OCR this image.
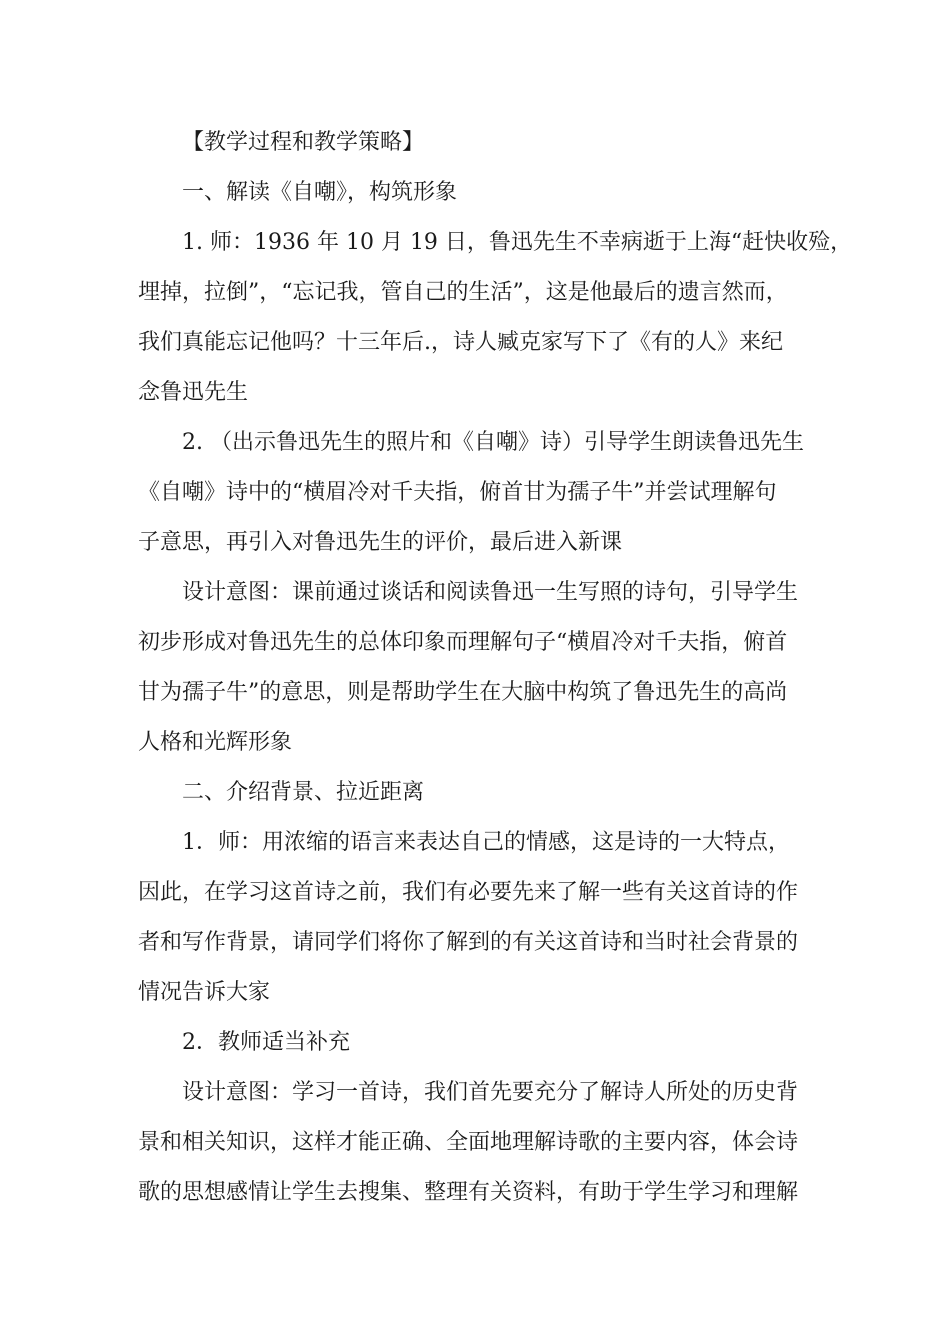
【教学过程和教学策略】
一、解读《自嘲》，构筑形象
1. 师：1936 年 10 月 19 日，鲁迅先生不幸病逝于上海“赶快收殓，
埋掉，拉倒”，“忘记我，管自己的生活”，这是他最后的遗言然而，
我们真能忘记他吗？十三年后.，诗人臧克家写下了《有的人》来纪
念鲁迅先生
2. （出示鲁迅先生的照片和《自嘲》诗）引导学生朗读鲁迅先生
《自嘲》诗中的“横眉冷对千夫指，俯首甘为孺子牛”并尝试理解句
子意思，再引入对鲁迅先生的评价，最后进入新课
设计意图：课前通过谈话和阅读鲁迅一生写照的诗句，引导学生
初步形成对鲁迅先生的总体印象而理解句子“横眉冷对千夫指，俯首
甘为孺子牛”的意思，则是帮助学生在大脑中构筑了鲁迅先生的高尚
人格和光辉形象
二、介绍背景、拉近距离
1．师：用浓缩的语言来表达自己的情感，这是诗的一大特点，
因此，在学习这首诗之前，我们有必要先来了解一些有关这首诗的作
者和写作背景，请同学们将你了解到的有关这首诗和当时社会背景的
情况告诉大家
2．教师适当补充
设计意图：学习一首诗，我们首先要充分了解诗人所处的历史背
景和相关知识，这样才能正确、全面地理解诗歌的主要内容，体会诗
歌的思想感情让学生去搜集、整理有关资料，有助于学生学习和理解
